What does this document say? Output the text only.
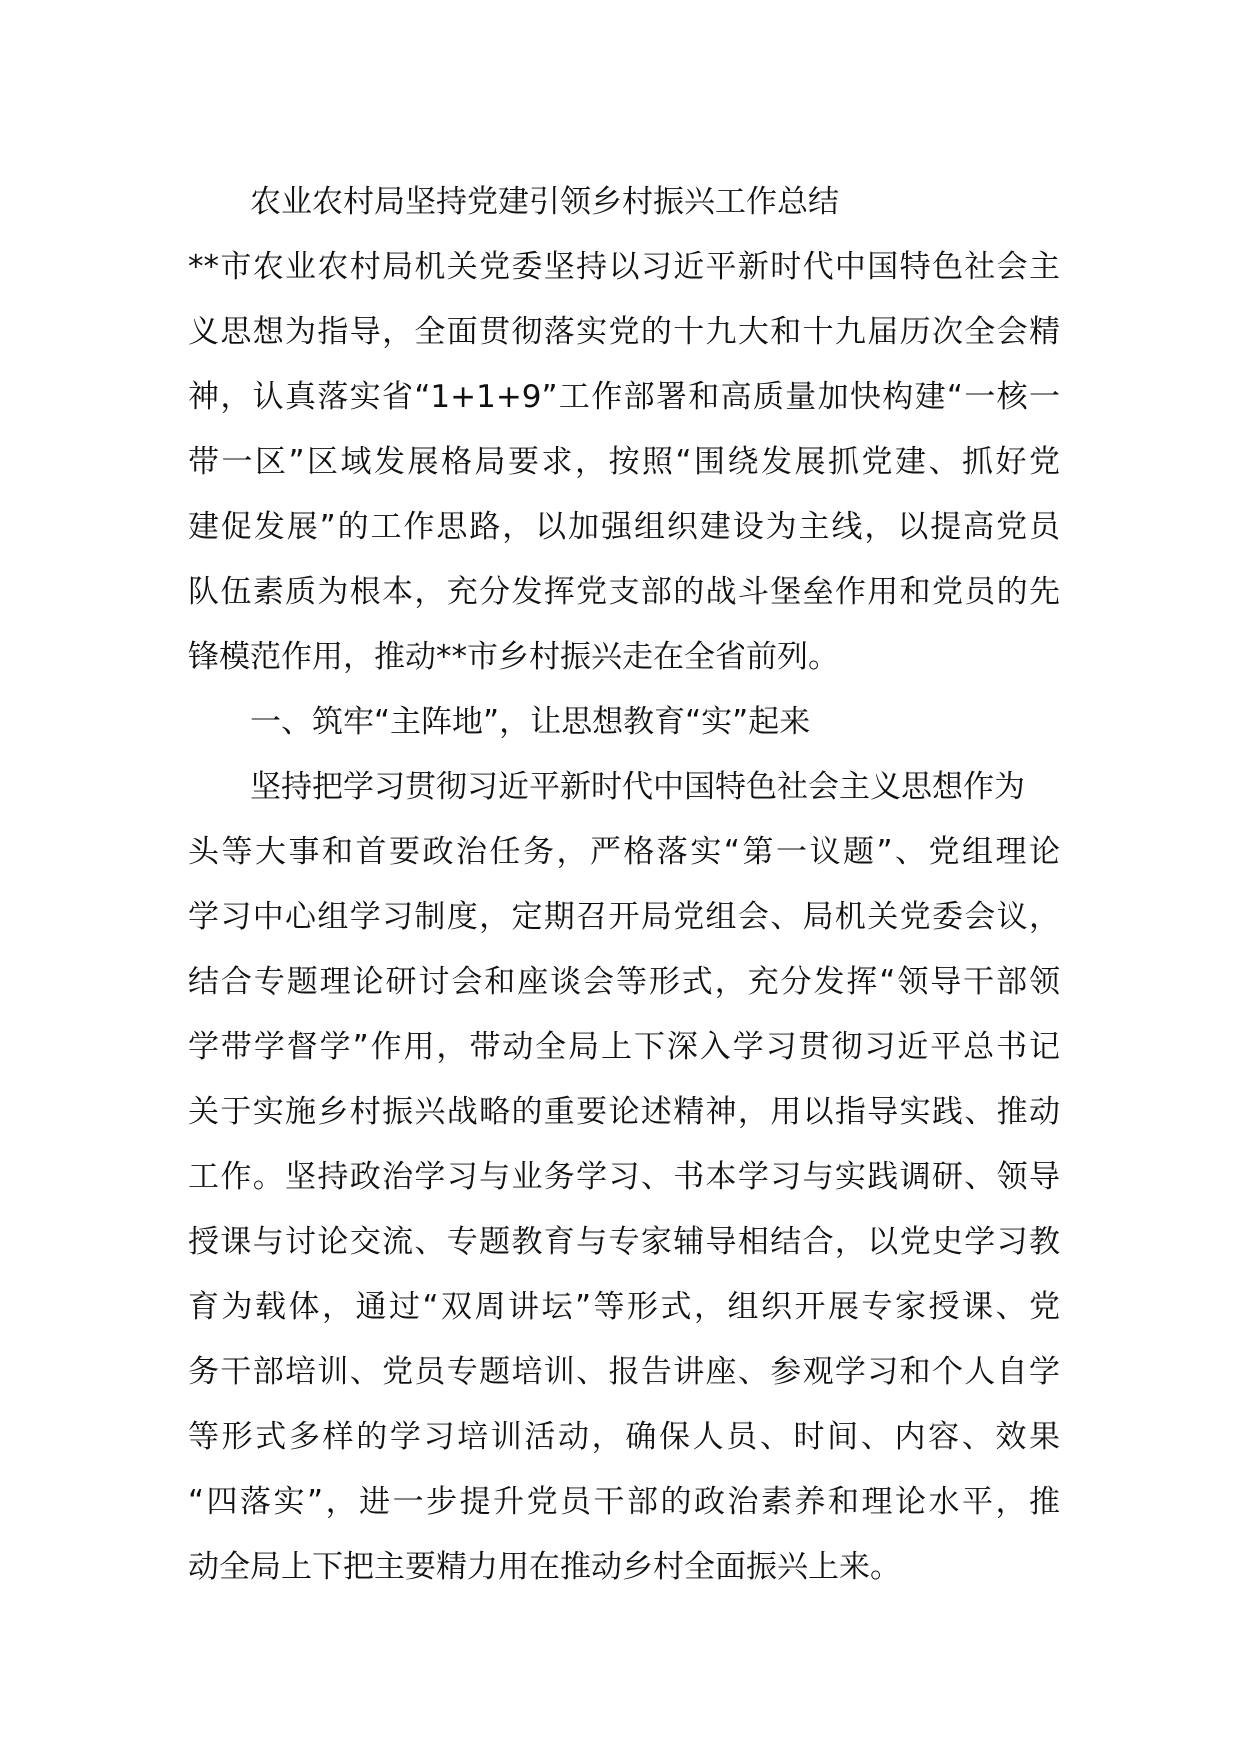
农业农村局坚持党建引领乡村振兴工作总结
**市农业农村局机关党委坚持以习近平新时代中国特色社会主
义思想为指导，全面贯彻落实党的十九大和十九届历次全会精
神，认真落实省“1+1+9”工作部署和高质量加快构建“一核一
带一区”区域发展格局要求，按照“围绕发展抓党建、抓好党
建促发展”的工作思路，以加强组织建设为主线，以提高党员
队伍素质为根本，充分发挥党支部的战斗堡垒作用和党员的先
锋模范作用，推动**市乡村振兴走在全省前列。
一、筑牢“主阵地”，让思想教育“实”起来
坚持把学习贯彻习近平新时代中国特色社会主义思想作为
头等大事和首要政治任务，严格落实“第一议题”、党组理论
学习中心组学习制度，定期召开局党组会、局机关党委会议，
结合专题理论研讨会和座谈会等形式，充分发挥“领导干部领
学带学督学”作用，带动全局上下深入学习贯彻习近平总书记
关于实施乡村振兴战略的重要论述精神，用以指导实践、推动
工作。坚持政治学习与业务学习、书本学习与实践调研、领导
授课与讨论交流、专题教育与专家辅导相结合，以党史学习教
育为载体，通过“双周讲坛”等形式，组织开展专家授课、党
务干部培训、党员专题培训、报告讲座、参观学习和个人自学
等形式多样的学习培训活动，确保人员、时间、内容、效果
“四落实”，进一步提升党员干部的政治素养和理论水平，推
动全局上下把主要精力用在推动乡村全面振兴上来。
